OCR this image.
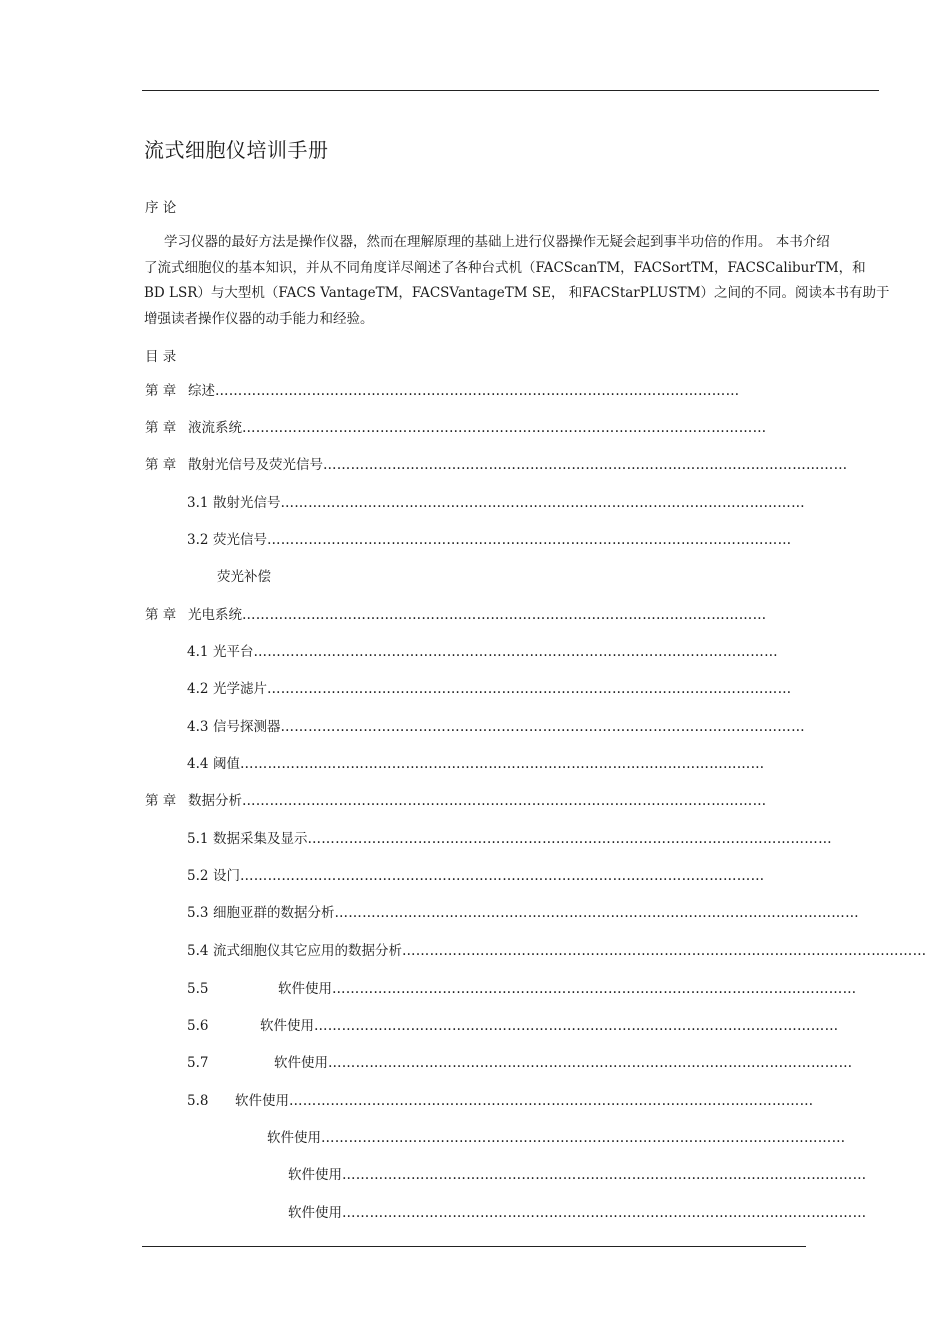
流式细胞仪培训手册
序 论

学习仪器的最好方法是操作仪器，然而在理解原理的基础上进行仪器操作无疑会起到事半功倍的作用。 本书介绍
了流式细胞仪的基本知识，并从不同角度详尽阐述了各种台式机（FACScanTM，FACSortTM，FACSCaliburTM，和
BD LSR）与大型机（FACS VantageTM，FACSVantageTM SE， 和FACStarPLUSTM）之间的不同。阅读本书有助于
增强读者操作仪器的动手能力和经验。

目 录
第 章 综述 ……………………………………………………………………………………………………
第 章 液流系统 ……………………………………………………………………………………………………
第 章 散射光信号及荧光信号 ……………………………………………………………………………………………………
3.1 散射光信号 ……………………………………………………………………………………………………
3.2 荧光信号 ……………………………………………………………………………………………………
荧光补偿
第 章 光电系统 ……………………………………………………………………………………………………
4.1 光平台 ……………………………………………………………………………………………………
4.2 光学滤片 ……………………………………………………………………………………………………
4.3 信号探测器 ……………………………………………………………………………………………………
4.4 阈值 ……………………………………………………………………………………………………
第 章 数据分析 ……………………………………………………………………………………………………
5.1 数据采集及显示 ……………………………………………………………………………………………………
5.2 设门 ……………………………………………………………………………………………………
5.3 细胞亚群的数据分析 ……………………………………………………………………………………………………
5.4 流式细胞仪其它应用的数据分析 ……………………………………………………………………………………………………
5.5	软件使用 ……………………………………………………………………………………………………
5.6	软件使用 ……………………………………………………………………………………………………
5.7	软件使用 ……………………………………………………………………………………………………
5.8	软件使用 ……………………………………………………………………………………………………
软件使用 ……………………………………………………………………………………………………
软件使用 ……………………………………………………………………………………………………
软件使用 ……………………………………………………………………………………………………
